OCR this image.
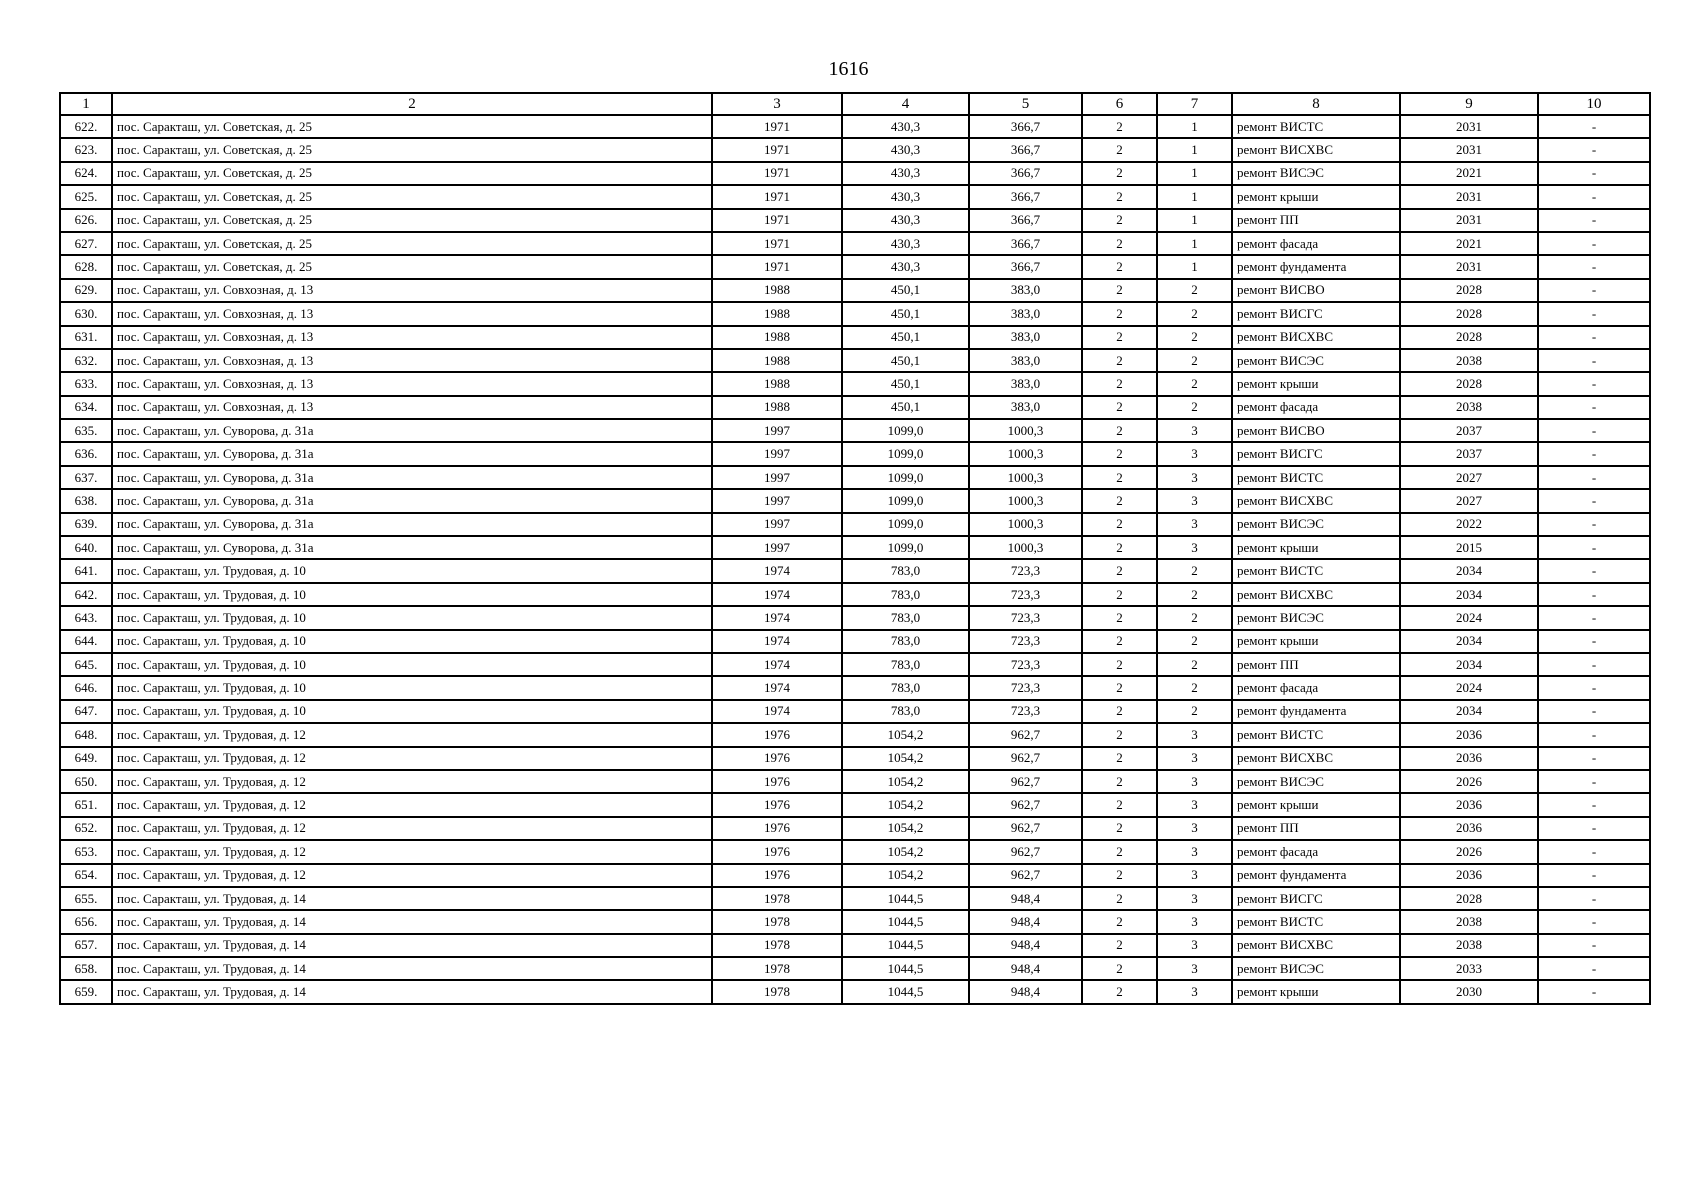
1616
1	2	3	4	5	6	7	8	9	10
622.	пос. Саракташ, ул. Советская, д. 25	1971	430,3	366,7	2	1	ремонт ВИСТС	2031	-
623.	пос. Саракташ, ул. Советская, д. 25	1971	430,3	366,7	2	1	ремонт ВИСХВС	2031	-
624.	пос. Саракташ, ул. Советская, д. 25	1971	430,3	366,7	2	1	ремонт ВИСЭС	2021	-
625.	пос. Саракташ, ул. Советская, д. 25	1971	430,3	366,7	2	1	ремонт крыши	2031	-
626.	пос. Саракташ, ул. Советская, д. 25	1971	430,3	366,7	2	1	ремонт ПП	2031	-
627.	пос. Саракташ, ул. Советская, д. 25	1971	430,3	366,7	2	1	ремонт фасада	2021	-
628.	пос. Саракташ, ул. Советская, д. 25	1971	430,3	366,7	2	1	ремонт фундамента	2031	-
629.	пос. Саракташ, ул. Совхозная, д. 13	1988	450,1	383,0	2	2	ремонт ВИСВО	2028	-
630.	пос. Саракташ, ул. Совхозная, д. 13	1988	450,1	383,0	2	2	ремонт ВИСГС	2028	-
631.	пос. Саракташ, ул. Совхозная, д. 13	1988	450,1	383,0	2	2	ремонт ВИСХВС	2028	-
632.	пос. Саракташ, ул. Совхозная, д. 13	1988	450,1	383,0	2	2	ремонт ВИСЭС	2038	-
633.	пос. Саракташ, ул. Совхозная, д. 13	1988	450,1	383,0	2	2	ремонт крыши	2028	-
634.	пос. Саракташ, ул. Совхозная, д. 13	1988	450,1	383,0	2	2	ремонт фасада	2038	-
635.	пос. Саракташ, ул. Суворова, д. 31а	1997	1099,0	1000,3	2	3	ремонт ВИСВО	2037	-
636.	пос. Саракташ, ул. Суворова, д. 31а	1997	1099,0	1000,3	2	3	ремонт ВИСГС	2037	-
637.	пос. Саракташ, ул. Суворова, д. 31а	1997	1099,0	1000,3	2	3	ремонт ВИСТС	2027	-
638.	пос. Саракташ, ул. Суворова, д. 31а	1997	1099,0	1000,3	2	3	ремонт ВИСХВС	2027	-
639.	пос. Саракташ, ул. Суворова, д. 31а	1997	1099,0	1000,3	2	3	ремонт ВИСЭС	2022	-
640.	пос. Саракташ, ул. Суворова, д. 31а	1997	1099,0	1000,3	2	3	ремонт крыши	2015	-
641.	пос. Саракташ, ул. Трудовая, д. 10	1974	783,0	723,3	2	2	ремонт ВИСТС	2034	-
642.	пос. Саракташ, ул. Трудовая, д. 10	1974	783,0	723,3	2	2	ремонт ВИСХВС	2034	-
643.	пос. Саракташ, ул. Трудовая, д. 10	1974	783,0	723,3	2	2	ремонт ВИСЭС	2024	-
644.	пос. Саракташ, ул. Трудовая, д. 10	1974	783,0	723,3	2	2	ремонт крыши	2034	-
645.	пос. Саракташ, ул. Трудовая, д. 10	1974	783,0	723,3	2	2	ремонт ПП	2034	-
646.	пос. Саракташ, ул. Трудовая, д. 10	1974	783,0	723,3	2	2	ремонт фасада	2024	-
647.	пос. Саракташ, ул. Трудовая, д. 10	1974	783,0	723,3	2	2	ремонт фундамента	2034	-
648.	пос. Саракташ, ул. Трудовая, д. 12	1976	1054,2	962,7	2	3	ремонт ВИСТС	2036	-
649.	пос. Саракташ, ул. Трудовая, д. 12	1976	1054,2	962,7	2	3	ремонт ВИСХВС	2036	-
650.	пос. Саракташ, ул. Трудовая, д. 12	1976	1054,2	962,7	2	3	ремонт ВИСЭС	2026	-
651.	пос. Саракташ, ул. Трудовая, д. 12	1976	1054,2	962,7	2	3	ремонт крыши	2036	-
652.	пос. Саракташ, ул. Трудовая, д. 12	1976	1054,2	962,7	2	3	ремонт ПП	2036	-
653.	пос. Саракташ, ул. Трудовая, д. 12	1976	1054,2	962,7	2	3	ремонт фасада	2026	-
654.	пос. Саракташ, ул. Трудовая, д. 12	1976	1054,2	962,7	2	3	ремонт фундамента	2036	-
655.	пос. Саракташ, ул. Трудовая, д. 14	1978	1044,5	948,4	2	3	ремонт ВИСГС	2028	-
656.	пос. Саракташ, ул. Трудовая, д. 14	1978	1044,5	948,4	2	3	ремонт ВИСТС	2038	-
657.	пос. Саракташ, ул. Трудовая, д. 14	1978	1044,5	948,4	2	3	ремонт ВИСХВС	2038	-
658.	пос. Саракташ, ул. Трудовая, д. 14	1978	1044,5	948,4	2	3	ремонт ВИСЭС	2033	-
659.	пос. Саракташ, ул. Трудовая, д. 14	1978	1044,5	948,4	2	3	ремонт крыши	2030	-
